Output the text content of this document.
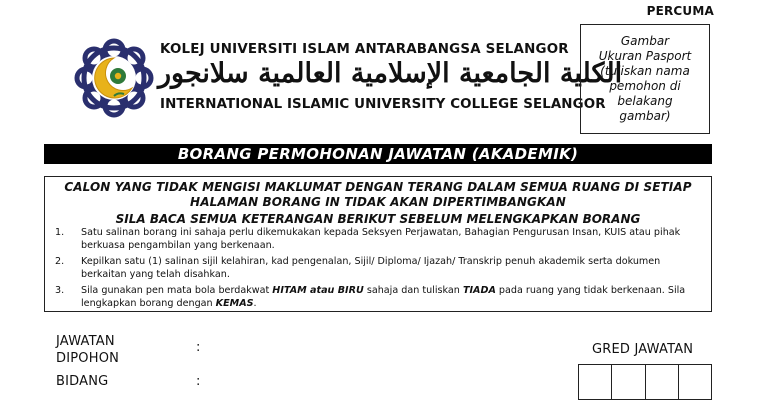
PERCUMA
KOLEJ UNIVERSITI ISLAM ANTARABANGSA SELANGOR
الكلية الجامعية الإسلامية العالمية سلانجور
INTERNATIONAL ISLAMIC UNIVERSITY COLLEGE SELANGOR
Gambar
Ukuran Pasport
(tuliskan nama
pemohon di
belakang
gambar)
BORANG PERMOHONAN JAWATAN (AKADEMIK)
CALON YANG TIDAK MENGISI MAKLUMAT DENGAN TERANG DALAM SEMUA RUANG DI SETIAP
HALAMAN BORANG IN TIDAK AKAN DIPERTIMBANGKAN
SILA BACA SEMUA KETERANGAN BERIKUT SEBELUM MELENGKAPKAN BORANG
1.	Satu salinan borang ini sahaja perlu dikemukakan kepada Seksyen Perjawatan, Bahagian Pengurusan Insan, KUIS atau pihak berkuasa pengambilan yang berkenaan.
2.	Kepilkan satu (1) salinan sijil kelahiran, kad pengenalan, Sijil/ Diploma/ Ijazah/ Transkrip penuh akademik serta dokumen berkaitan yang telah disahkan.
3.	Sila gunakan pen mata bola berdakwat HITAM atau BIRU sahaja dan tuliskan TIADA pada ruang yang tidak berkenaan. Sila lengkapkan borang dengan KEMAS.
JAWATAN
DIPOHON
:
BIDANG	:
GRED JAWATAN
